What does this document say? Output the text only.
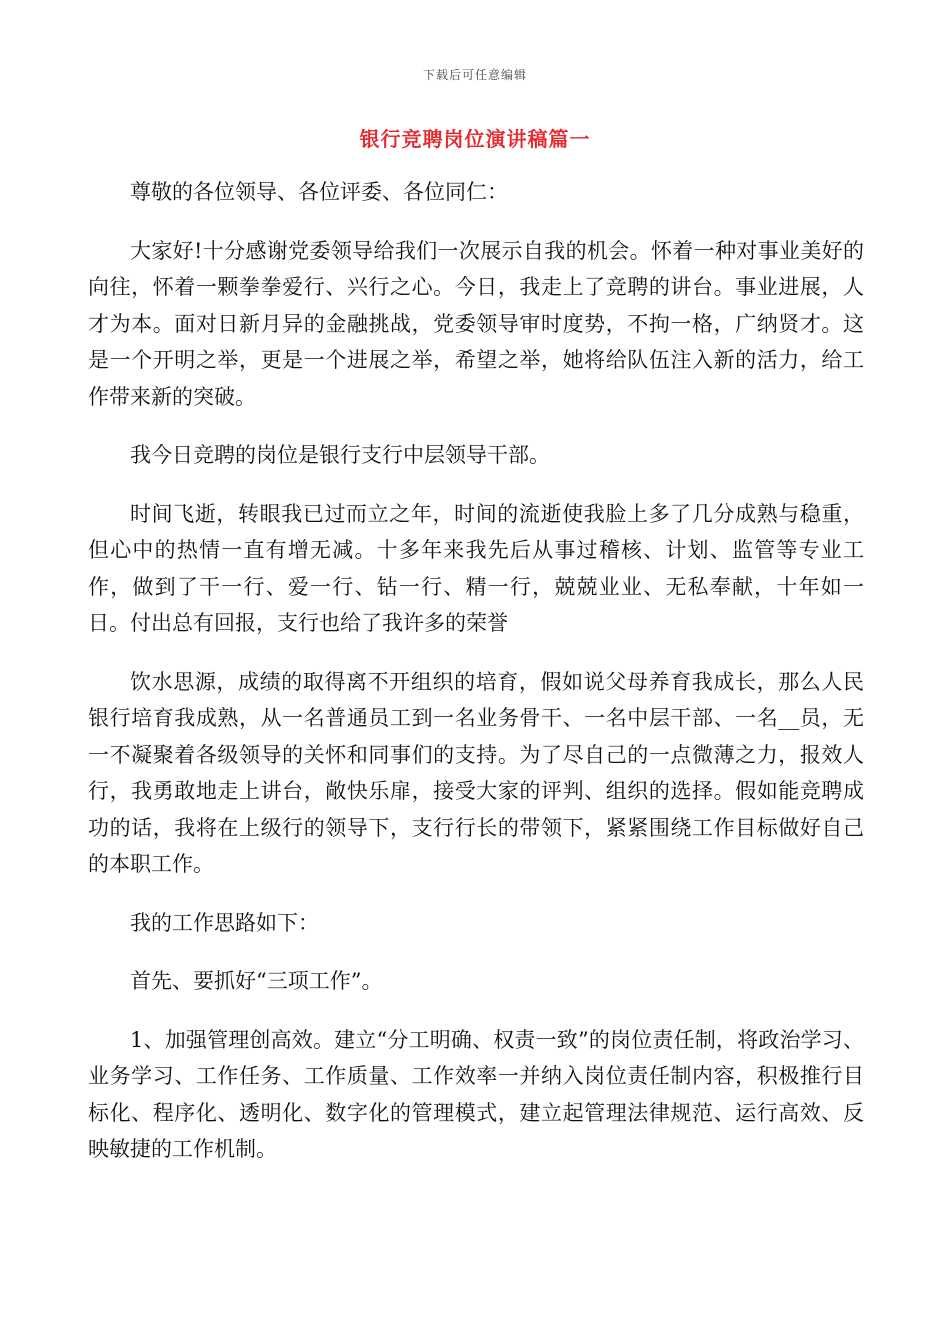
下载后可任意编辑
银行竞聘岗位演讲稿篇一

尊敬的各位领导、各位评委、各位同仁：

大家好!十分感谢党委领导给我们一次展示自我的机会。怀着一种对事业美好的向往，怀着一颗拳拳爱行、兴行之心。今日，我走上了竞聘的讲台。事业进展，人才为本。面对日新月异的金融挑战，党委领导审时度势，不拘一格，广纳贤才。这是一个开明之举，更是一个进展之举，希望之举，她将给队伍注入新的活力，给工作带来新的突破。

我今日竞聘的岗位是银行支行中层领导干部。

时间飞逝，转眼我已过而立之年，时间的流逝使我脸上多了几分成熟与稳重，但心中的热情一直有增无减。十多年来我先后从事过稽核、计划、监管等专业工作，做到了干一行、爱一行、钻一行、精一行，兢兢业业、无私奉献，十年如一日。付出总有回报，支行也给了我许多的荣誉

饮水思源，成绩的取得离不开组织的培育，假如说父母养育我成长，那么人民银行培育我成熟，从一名普通员工到一名业务骨干、一名中层干部、一名__员，无一不凝聚着各级领导的关怀和同事们的支持。为了尽自己的一点微薄之力，报效人行，我勇敢地走上讲台，敞快乐扉，接受大家的评判、组织的选择。假如能竞聘成功的话，我将在上级行的领导下，支行行长的带领下，紧紧围绕工作目标做好自己的本职工作。

我的工作思路如下：

首先、要抓好“三项工作”。

1、加强管理创高效。建立“分工明确、权责一致”的岗位责任制，将政治学习、业务学习、工作任务、工作质量、工作效率一并纳入岗位责任制内容，积极推行目标化、程序化、透明化、数字化的管理模式，建立起管理法律规范、运行高效、反映敏捷的工作机制。
